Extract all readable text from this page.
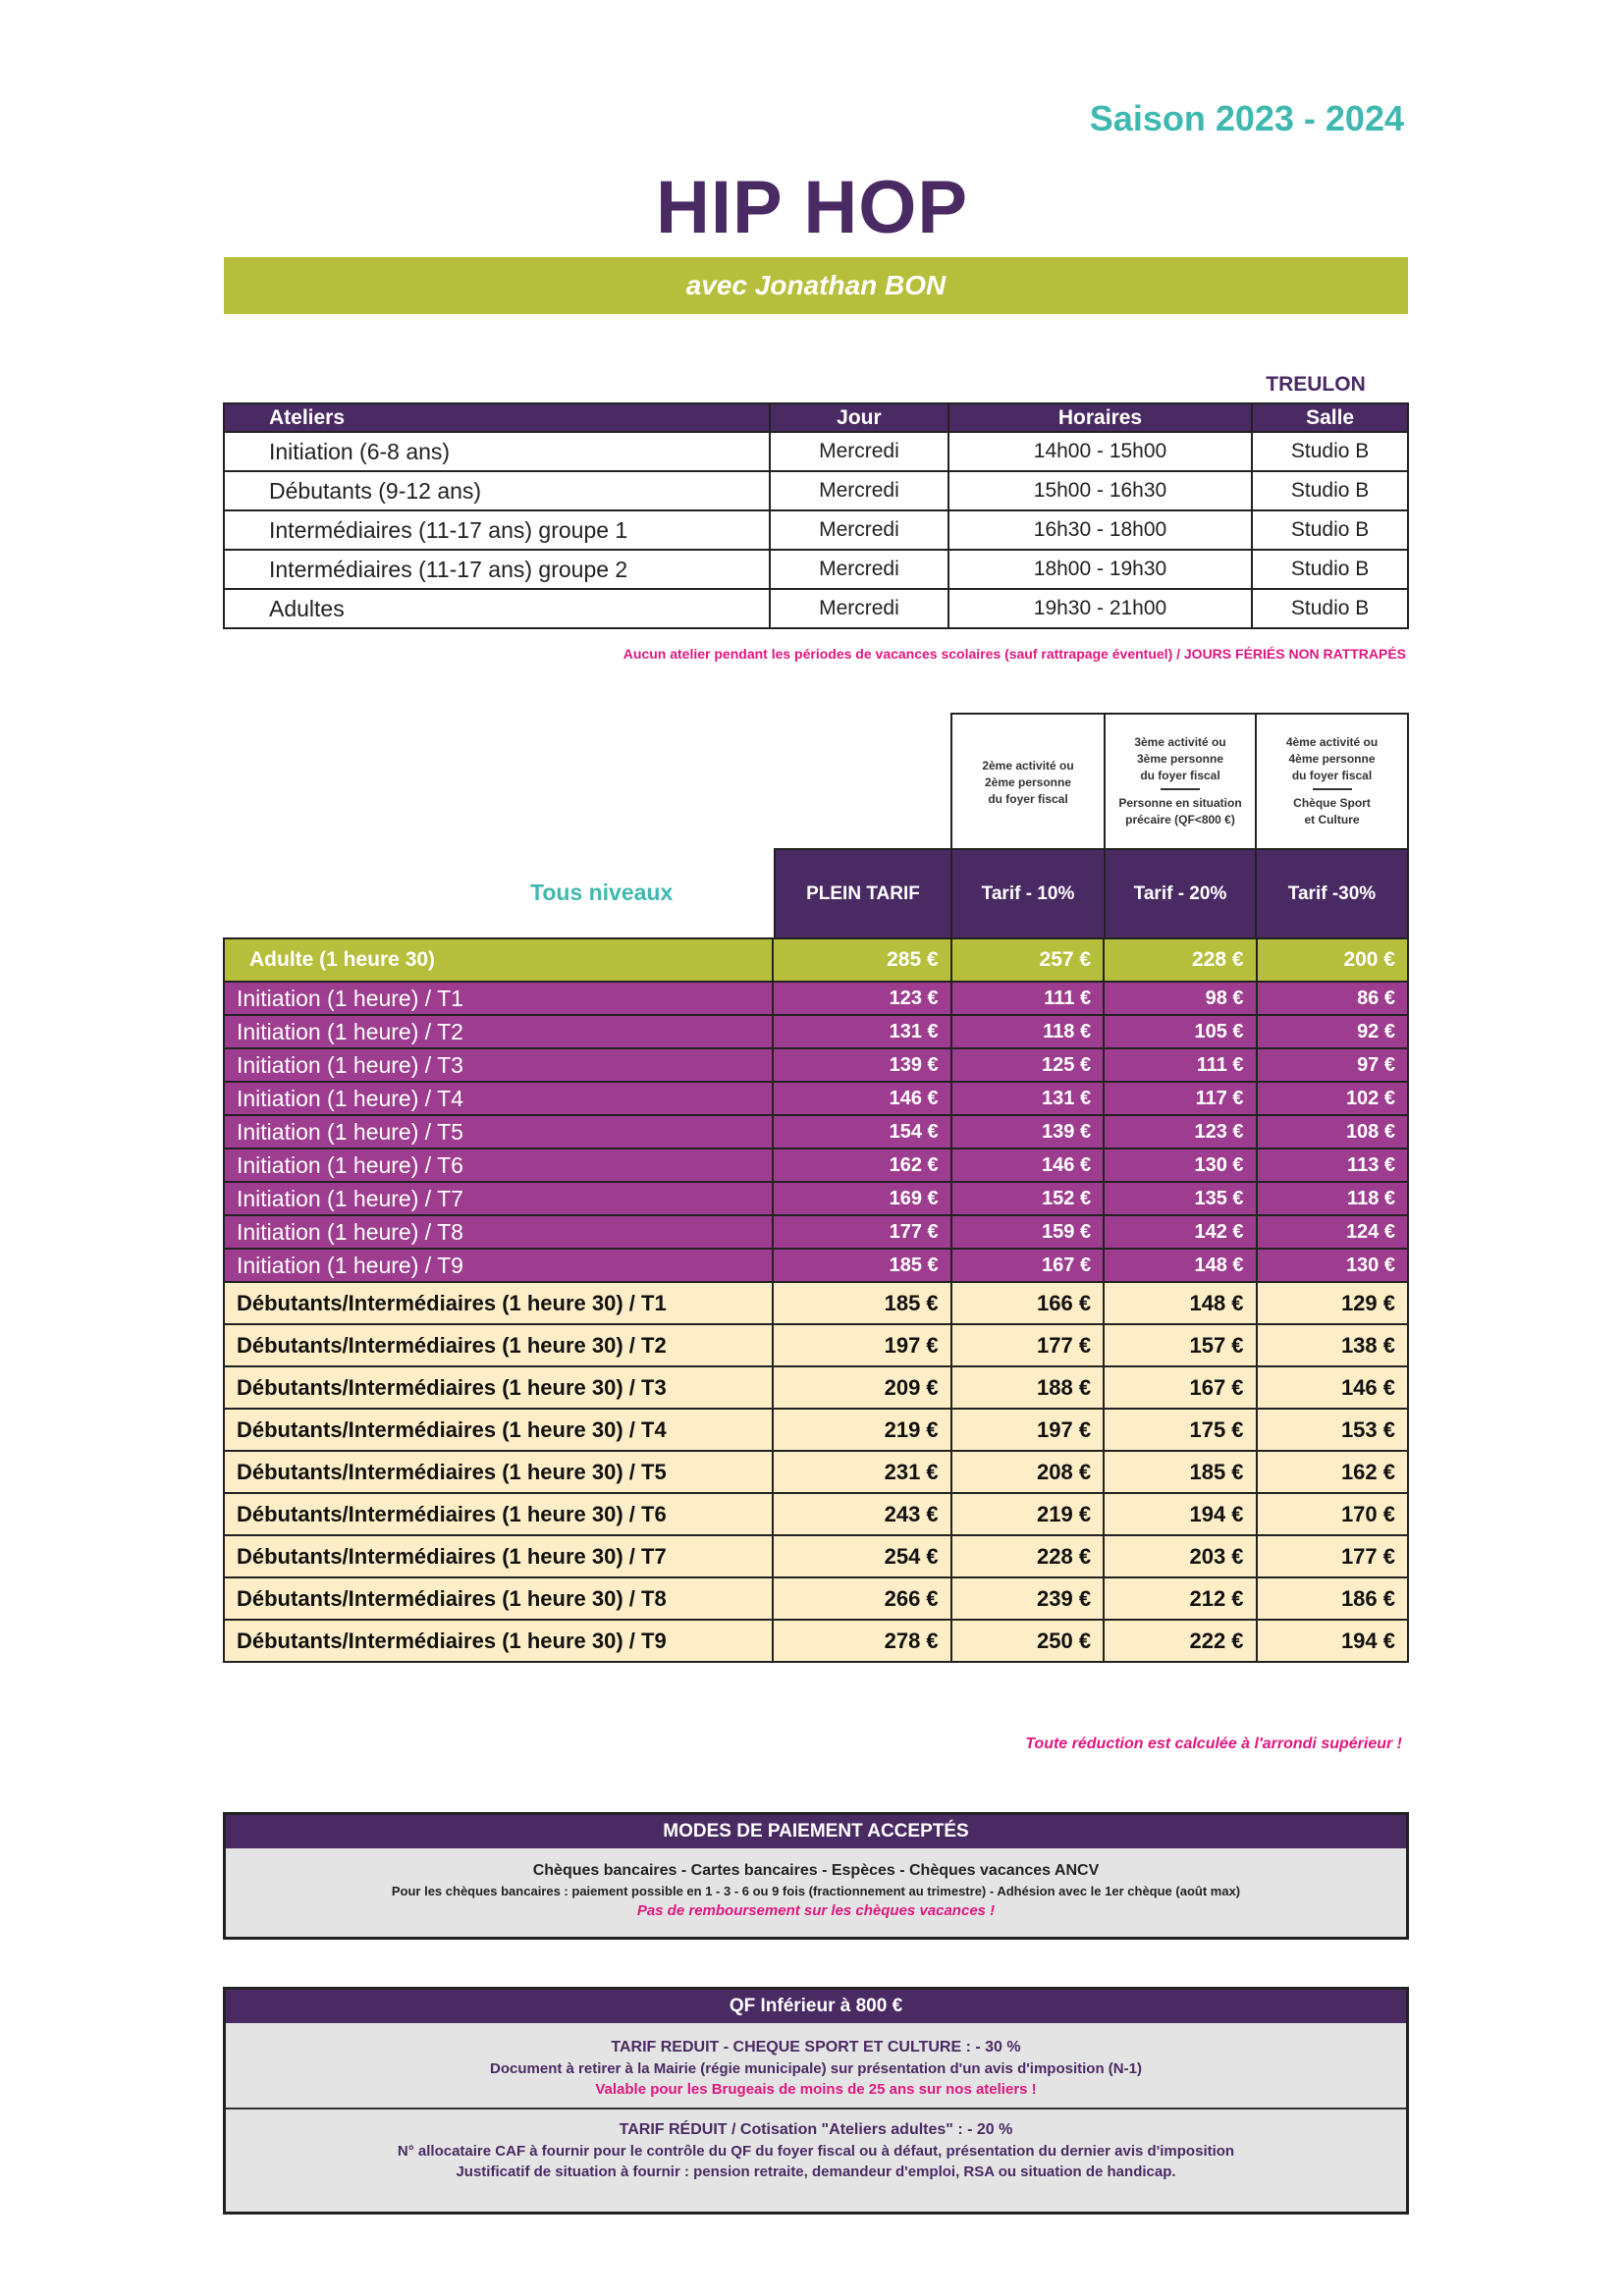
Saison 2023 - 2024
HIP HOP
avec Jonathan BON
TREULON
Ateliers	Jour	Horaires	Salle
Initiation (6-8 ans)	Mercredi	14h00 - 15h00	Studio B
Débutants (9-12 ans)	Mercredi	15h00 - 16h30	Studio B
Intermédiaires (11-17 ans) groupe 1	Mercredi	16h30 - 18h00	Studio B
Intermédiaires (11-17 ans) groupe 2	Mercredi	18h00 - 19h30	Studio B
Adultes	Mercredi	19h30 - 21h00	Studio B
Aucun atelier pendant les périodes de vacances scolaires (sauf rattrapage éventuel) / JOURS FÉRIÉS NON RATTRAPÉS
2ème activité ou
2ème personne
du foyer fiscal
3ème activité ou
3ème personne
du foyer fiscal
Personne en situation
précaire (QF<800 €)
4ème activité ou
4ème personne
du foyer fiscal
Chèque Sport
et Culture
Tous niveaux	PLEIN TARIF	Tarif - 10%	Tarif - 20%	Tarif -30%
Adulte (1 heure 30)	285 €	257 €	228 €	200 €
Initiation (1 heure) / T1	123 €	111 €	98 €	86 €
Initiation (1 heure) / T2	131 €	118 €	105 €	92 €
Initiation (1 heure) / T3	139 €	125 €	111 €	97 €
Initiation (1 heure) / T4	146 €	131 €	117 €	102 €
Initiation (1 heure) / T5	154 €	139 €	123 €	108 €
Initiation (1 heure) / T6	162 €	146 €	130 €	113 €
Initiation (1 heure) / T7	169 €	152 €	135 €	118 €
Initiation (1 heure) / T8	177 €	159 €	142 €	124 €
Initiation (1 heure) / T9	185 €	167 €	148 €	130 €
Débutants/Intermédiaires (1 heure 30) / T1	185 €	166 €	148 €	129 €
Débutants/Intermédiaires (1 heure 30) / T2	197 €	177 €	157 €	138 €
Débutants/Intermédiaires (1 heure 30) / T3	209 €	188 €	167 €	146 €
Débutants/Intermédiaires (1 heure 30) / T4	219 €	197 €	175 €	153 €
Débutants/Intermédiaires (1 heure 30) / T5	231 €	208 €	185 €	162 €
Débutants/Intermédiaires (1 heure 30) / T6	243 €	219 €	194 €	170 €
Débutants/Intermédiaires (1 heure 30) / T7	254 €	228 €	203 €	177 €
Débutants/Intermédiaires (1 heure 30) / T8	266 €	239 €	212 €	186 €
Débutants/Intermédiaires (1 heure 30) / T9	278 €	250 €	222 €	194 €
Toute réduction est calculée à l'arrondi supérieur !
MODES DE PAIEMENT ACCEPTÉS
Chèques bancaires - Cartes bancaires - Espèces - Chèques vacances ANCV
Pour les chèques bancaires : paiement possible en 1 - 3 - 6 ou 9 fois (fractionnement au trimestre) - Adhésion avec le 1er chèque (août max)
Pas de remboursement sur les chèques vacances !
QF Inférieur à 800 €
TARIF REDUIT - CHEQUE SPORT ET CULTURE : - 30 %
Document à retirer à la Mairie (régie municipale) sur présentation d'un avis d'imposition (N-1)
Valable pour les Brugeais de moins de 25 ans sur nos ateliers !
TARIF RÉDUIT / Cotisation "Ateliers adultes" : - 20 %
N° allocataire CAF à fournir pour le contrôle du QF du foyer fiscal ou à défaut, présentation du dernier avis d'imposition
Justificatif de situation à fournir : pension retraite, demandeur d'emploi, RSA ou situation de handicap.
